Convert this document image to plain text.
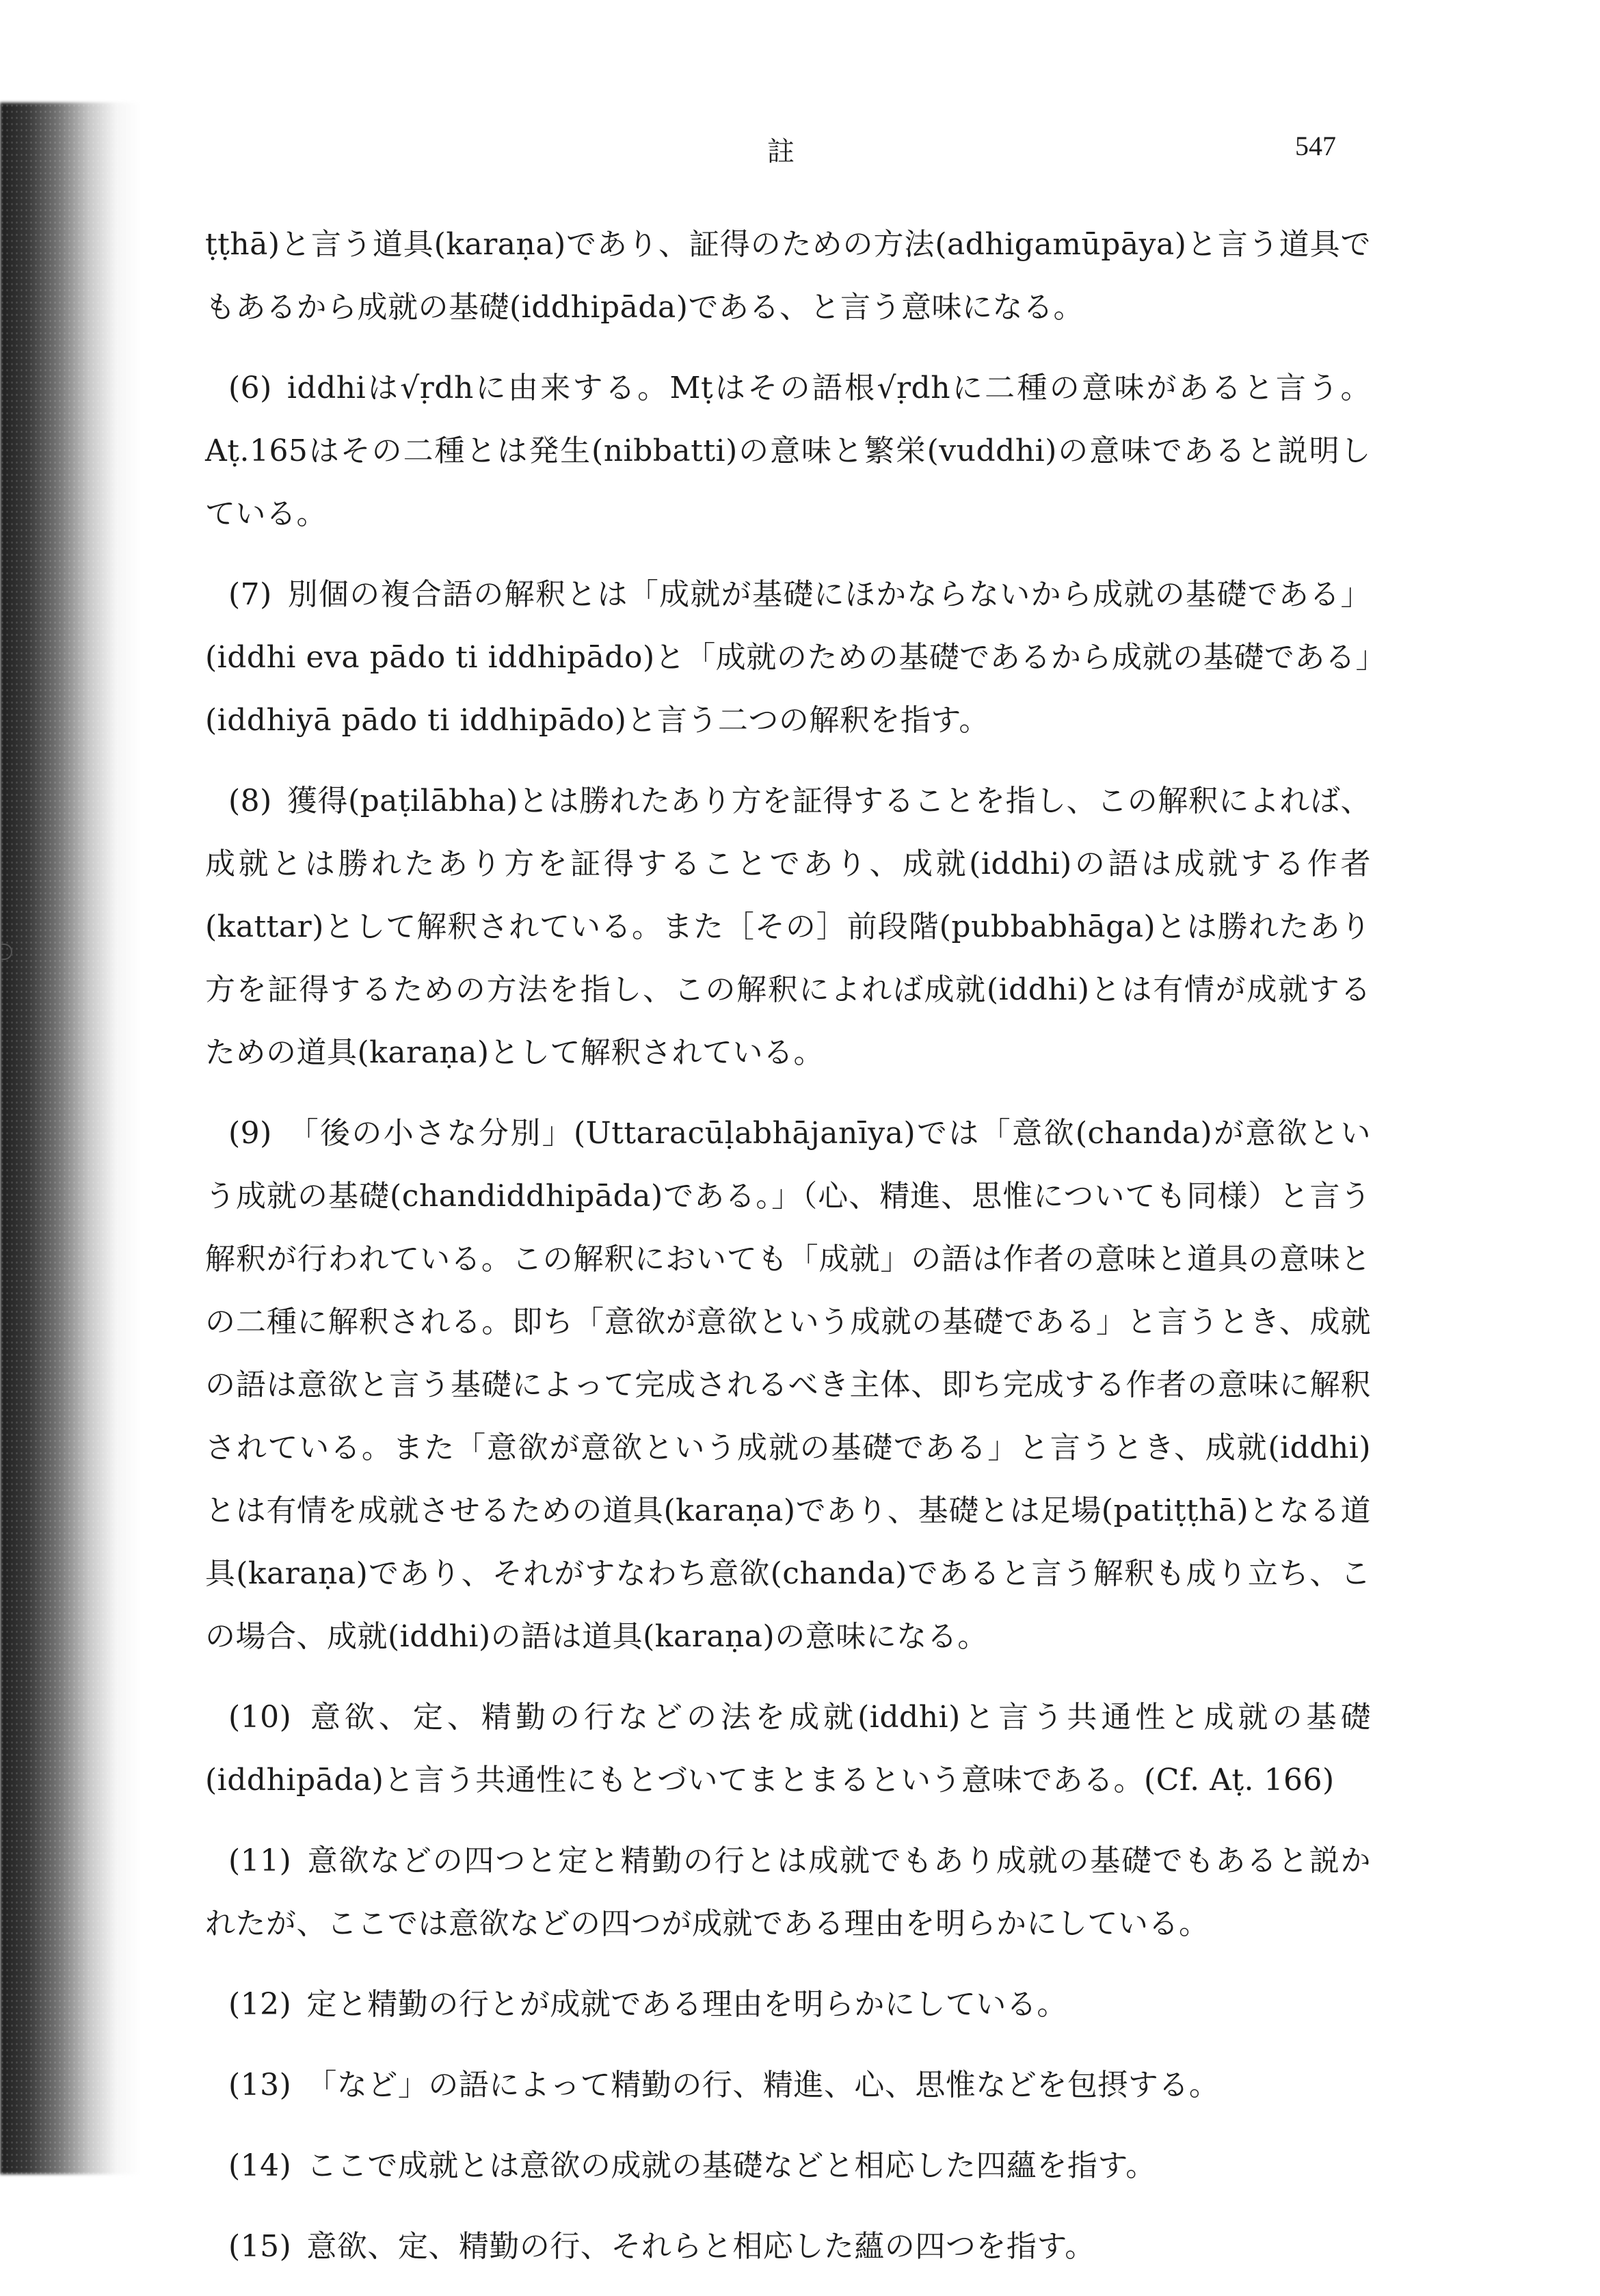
註	547

ṭṭhā)と言う道具(karaṇa)であり、証得のための方法(adhigamūpāya)と言う道具でもあるから成就の基礎(iddhipāda)である、と言う意味になる。

(6) iddhiは√ṛdhに由来する。Mṭはその語根√ṛdhに二種の意味があると言う。Aṭ.165はその二種とは発生(nibbatti)の意味と繁栄(vuddhi)の意味であると説明している。

(7) 別個の複合語の解釈とは「成就が基礎にほかならないから成就の基礎である」(iddhi eva pādo ti iddhipādo)と「成就のための基礎であるから成就の基礎である」(iddhiyā pādo ti iddhipādo)と言う二つの解釈を指す。

(8) 獲得(paṭilābha)とは勝れたあり方を証得することを指し、この解釈によれば、成就とは勝れたあり方を証得することであり、成就(iddhi)の語は成就する作者(kattar)として解釈されている。また［その］前段階(pubbabhāga)とは勝れたあり方を証得するための方法を指し、この解釈によれば成就(iddhi)とは有情が成就するための道具(karaṇa)として解釈されている。

(9) 「後の小さな分別」(Uttaracūḷabhājanīya)では「意欲(chanda)が意欲という成就の基礎(chandiddhipāda)である。」（心、精進、思惟についても同様）と言う解釈が行われている。この解釈においても「成就」の語は作者の意味と道具の意味との二種に解釈される。即ち「意欲が意欲という成就の基礎である」と言うとき、成就の語は意欲と言う基礎によって完成されるべき主体、即ち完成する作者の意味に解釈されている。また「意欲が意欲という成就の基礎である」と言うとき、成就(iddhi)とは有情を成就させるための道具(karaṇa)であり、基礎とは足場(patiṭṭhā)となる道具(karaṇa)であり、それがすなわち意欲(chanda)であると言う解釈も成り立ち、この場合、成就(iddhi)の語は道具(karaṇa)の意味になる。

(10) 意欲、定、精勤の行などの法を成就(iddhi)と言う共通性と成就の基礎(iddhipāda)と言う共通性にもとづいてまとまるという意味である。(Cf. Aṭ. 166)

(11) 意欲などの四つと定と精勤の行とは成就でもあり成就の基礎でもあると説かれたが、ここでは意欲などの四つが成就である理由を明らかにしている。

(12) 定と精勤の行とが成就である理由を明らかにしている。

(13) 「など」の語によって精勤の行、精進、心、思惟などを包摂する。

(14) ここで成就とは意欲の成就の基礎などと相応した四蘊を指す。

(15) 意欲、定、精勤の行、それらと相応した蘊の四つを指す。
